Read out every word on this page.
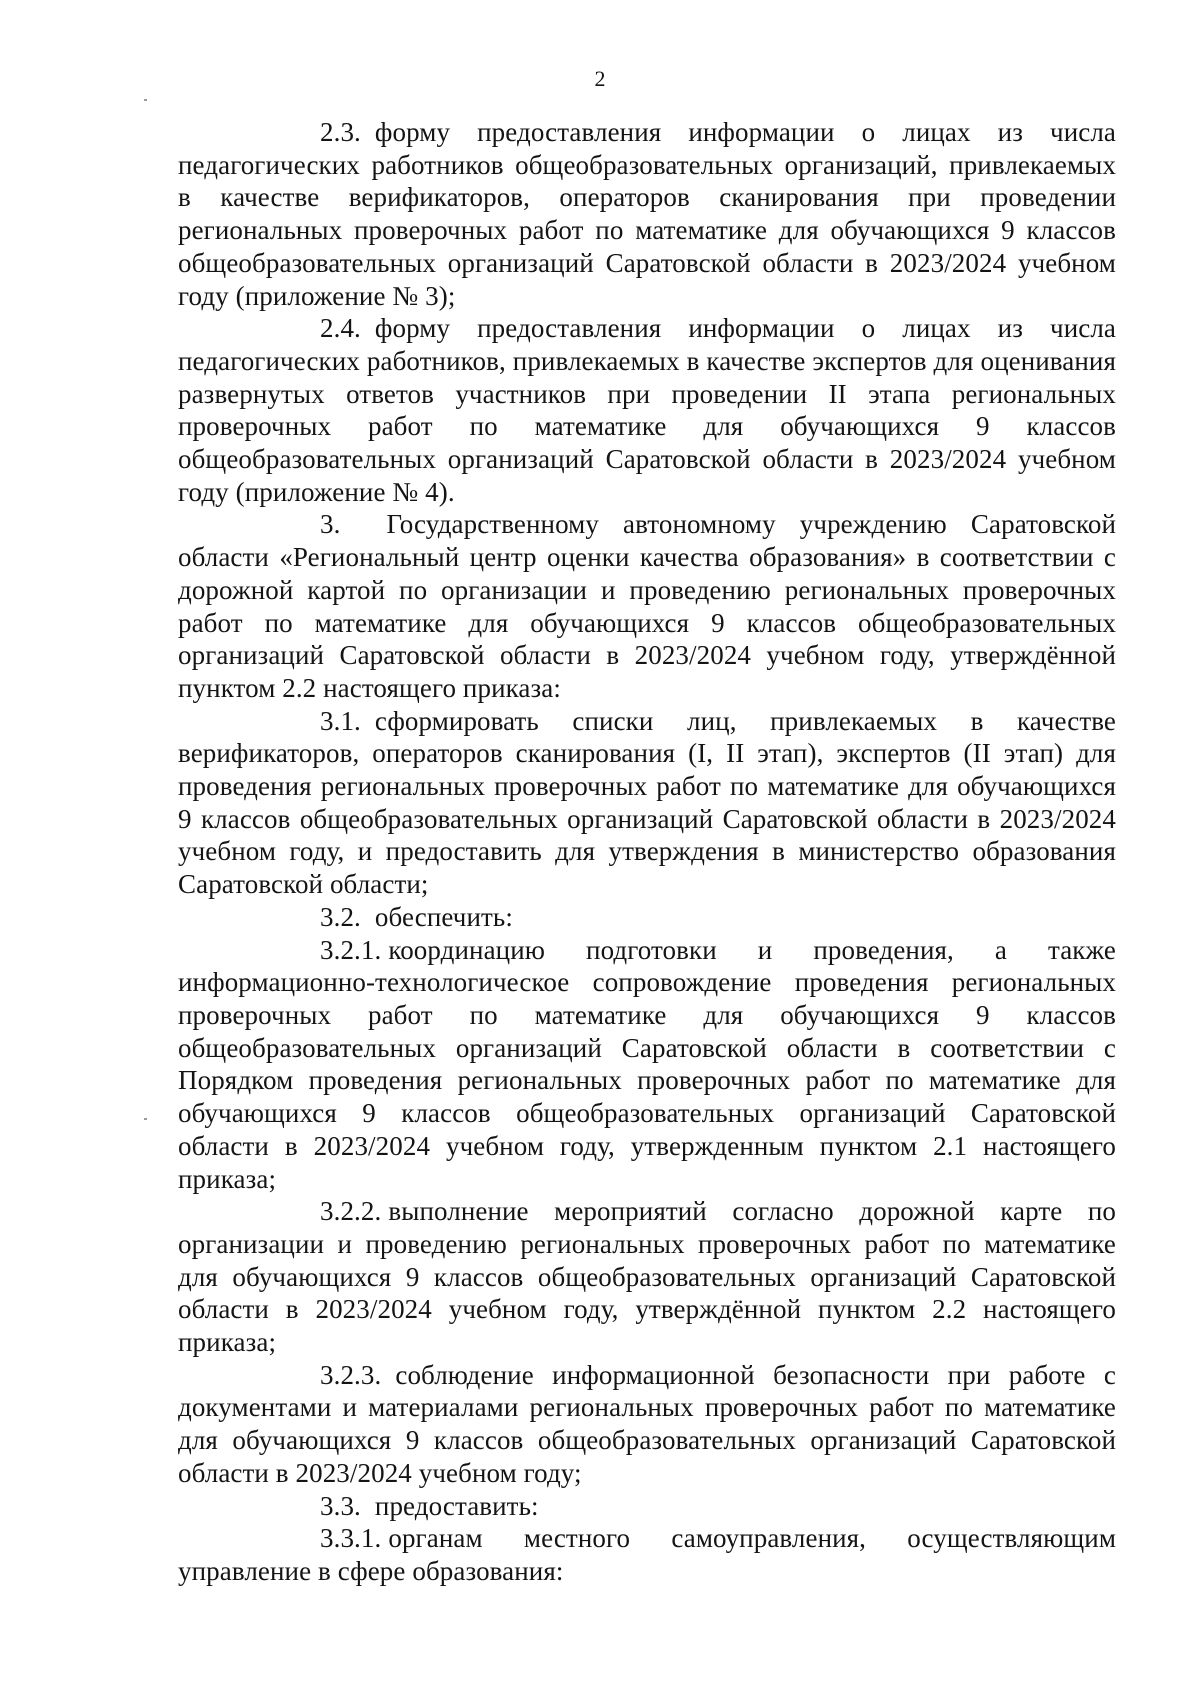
2

2.3. форму предоставления информации о лицах из числа педагогических работников общеобразовательных организаций, привлекаемых в качестве верификаторов, операторов сканирования при проведении региональных проверочных работ по математике для обучающихся 9 классов общеобразовательных организаций Саратовской области в 2023/2024 учебном году (приложение № 3);

2.4. форму предоставления информации о лицах из числа педагогических работников, привлекаемых в качестве экспертов для оценивания развернутых ответов участников при проведении II этапа региональных проверочных работ по математике для обучающихся 9 классов общеобразовательных организаций Саратовской области в 2023/2024 учебном году (приложение № 4).

3. Государственному автономному учреждению Саратовской области «Региональный центр оценки качества образования» в соответствии с дорожной картой по организации и проведению региональных проверочных работ по математике для обучающихся 9 классов общеобразовательных организаций Саратовской области в 2023/2024 учебном году, утверждённой пунктом 2.2 настоящего приказа:

3.1. сформировать списки лиц, привлекаемых в качестве верификаторов, операторов сканирования (I, II этап), экспертов (II этап) для проведения региональных проверочных работ по математике для обучающихся 9 классов общеобразовательных организаций Саратовской области в 2023/2024 учебном году, и предоставить для утверждения в министерство образования Саратовской области;

3.2. обеспечить:

3.2.1. координацию подготовки и проведения, а также информационно-технологическое сопровождение проведения региональных проверочных работ по математике для обучающихся 9 классов общеобразовательных организаций Саратовской области в соответствии с Порядком проведения региональных проверочных работ по математике для обучающихся 9 классов общеобразовательных организаций Саратовской области в 2023/2024 учебном году, утвержденным пунктом 2.1 настоящего приказа;

3.2.2. выполнение мероприятий согласно дорожной карте по организации и проведению региональных проверочных работ по математике для обучающихся 9 классов общеобразовательных организаций Саратовской области в 2023/2024 учебном году, утверждённой пунктом 2.2 настоящего приказа;

3.2.3. соблюдение информационной безопасности при работе с документами и материалами региональных проверочных работ по математике для обучающихся 9 классов общеобразовательных организаций Саратовской области в 2023/2024 учебном году;

3.3. предоставить:

3.3.1. органам местного самоуправления, осуществляющим управление в сфере образования:
